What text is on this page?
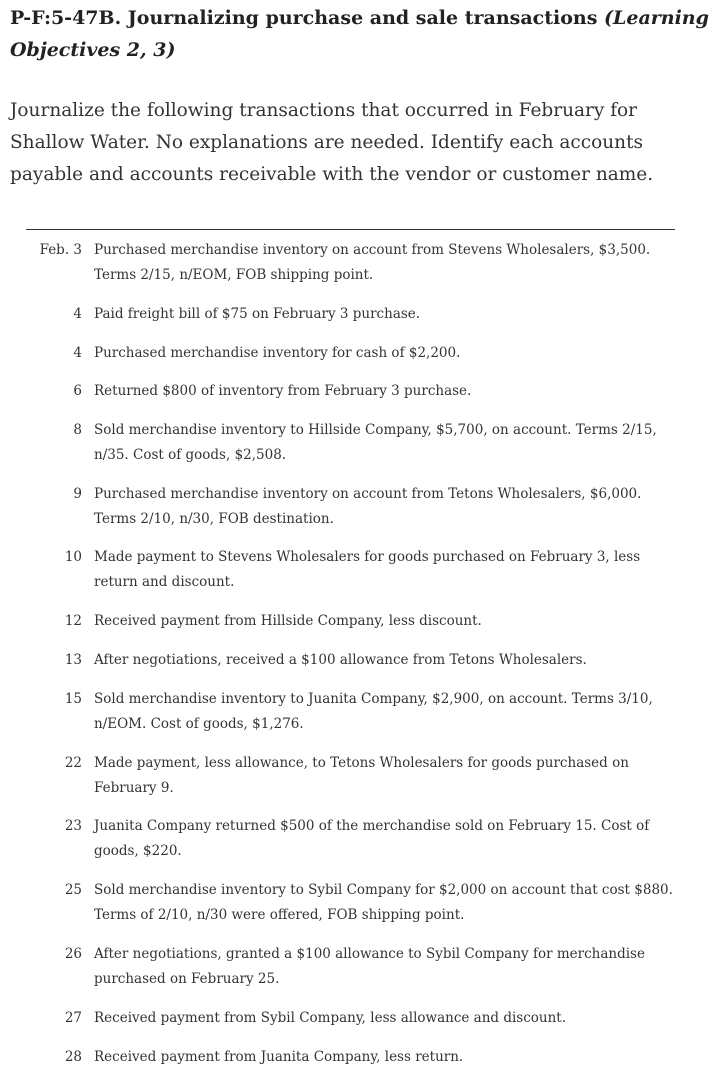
P-F:5-47B. Journalizing purchase and sale transactions (Learning Objectives 2, 3)
Journalize the following transactions that occurred in February for Shallow Water. No explanations are needed. Identify each accounts payable and accounts receivable with the vendor or customer name.
Feb. 3 Purchased merchandise inventory on account from Stevens Wholesalers, $3,500. Terms 2/15, n/EOM, FOB shipping point.
4 Paid freight bill of $75 on February 3 purchase.
4 Purchased merchandise inventory for cash of $2,200.
6 Returned $800 of inventory from February 3 purchase.
8 Sold merchandise inventory to Hillside Company, $5,700, on account. Terms 2/15, n/35. Cost of goods, $2,508.
9 Purchased merchandise inventory on account from Tetons Wholesalers, $6,000. Terms 2/10, n/30, FOB destination.
10 Made payment to Stevens Wholesalers for goods purchased on February 3, less return and discount.
12 Received payment from Hillside Company, less discount.
13 After negotiations, received a $100 allowance from Tetons Wholesalers.
15 Sold merchandise inventory to Juanita Company, $2,900, on account. Terms 3/10, n/EOM. Cost of goods, $1,276.
22 Made payment, less allowance, to Tetons Wholesalers for goods purchased on February 9.
23 Juanita Company returned $500 of the merchandise sold on February 15. Cost of goods, $220.
25 Sold merchandise inventory to Sybil Company for $2,000 on account that cost $880. Terms of 2/10, n/30 were offered, FOB shipping point.
26 After negotiations, granted a $100 allowance to Sybil Company for merchandise purchased on February 25.
27 Received payment from Sybil Company, less allowance and discount.
28 Received payment from Juanita Company, less return.
